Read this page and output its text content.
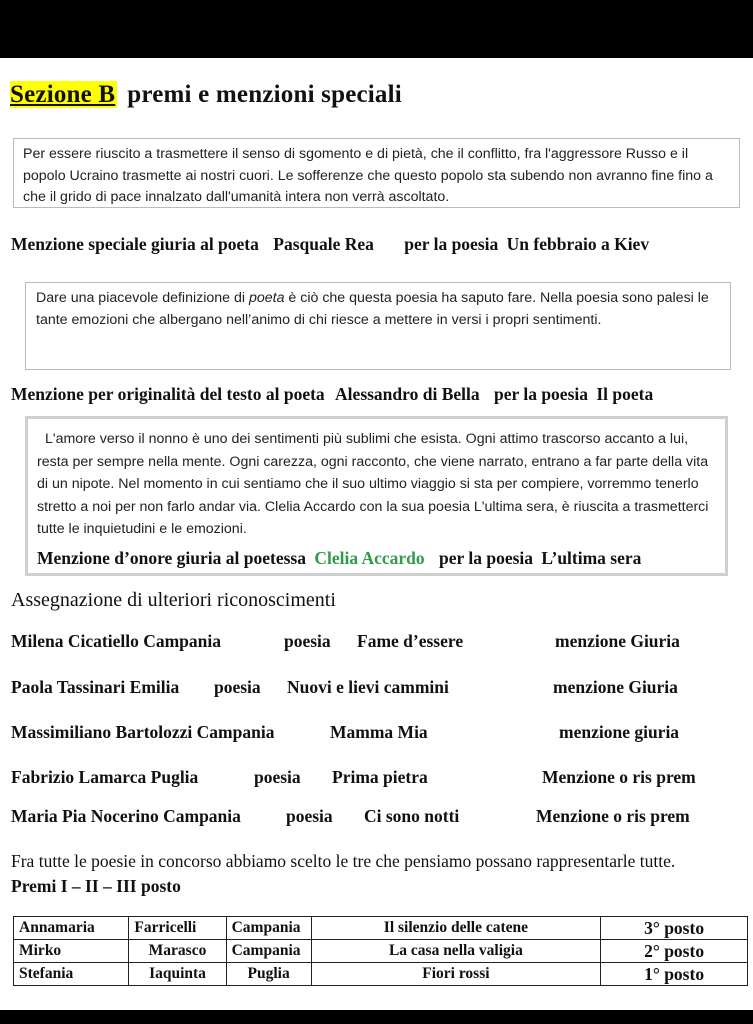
Sezione B premi e menzioni speciali

Per essere riuscito a trasmettere il senso di sgomento e di pietà, che il conflitto, fra l'aggressore Russo e il popolo Ucraino trasmette ai nostri cuori. Le sofferenze che questo popolo sta subendo non avranno fine fino a che il grido di pace innalzato dall'umanità intera non verrà ascoltato.

Menzione speciale giuria al poeta Pasquale Rea per la poesia Un febbraio a Kiev

Dare una piacevole definizione di poeta è ciò che questa poesia ha saputo fare. Nella poesia sono palesi le tante emozioni che albergano nell’animo di chi riesce a mettere in versi i propri sentimenti.

Menzione per originalità del testo al poeta Alessandro di Bella per la poesia Il poeta

L'amore verso il nonno è uno dei sentimenti più sublimi che esista. Ogni attimo trascorso accanto a lui, resta per sempre nella mente. Ogni carezza, ogni racconto, che viene narrato, entrano a far parte della vita di un nipote. Nel momento in cui sentiamo che il suo ultimo viaggio si sta per compiere, vorremmo tenerlo stretto a noi per non farlo andar via. Clelia Accardo con la sua poesia L'ultima sera, è riuscita a trasmetterci tutte le inquietudini e le emozioni.

Menzione d’onore giuria al poetessa Clelia Accardo per la poesia L’ultima sera
Assegnazione di ulteriori riconoscimenti
Milena Cicatiello Campania	poesia Fame d’essere	menzione Giuria
Paola Tassinari Emilia poesia Nuovi e lievi cammini	menzione Giuria
Massimiliano Bartolozzi Campania	Mamma Mia	menzione giuria
Fabrizio Lamarca Puglia	poesia Prima pietra	Menzione o ris prem
Maria Pia Nocerino Campania	poesia Ci sono notti	Menzione o ris prem
Fra tutte le poesie in concorso abbiamo scelto le tre che pensiamo possano rappresentarle tutte.
Premi I – II – III posto
Annamaria	Farricelli	Campania	Il silenzio delle catene	3° posto
Mirko	Marasco	Campania	La casa nella valigia	2° posto
Stefania	Iaquinta	Puglia	Fiori rossi	1° posto
